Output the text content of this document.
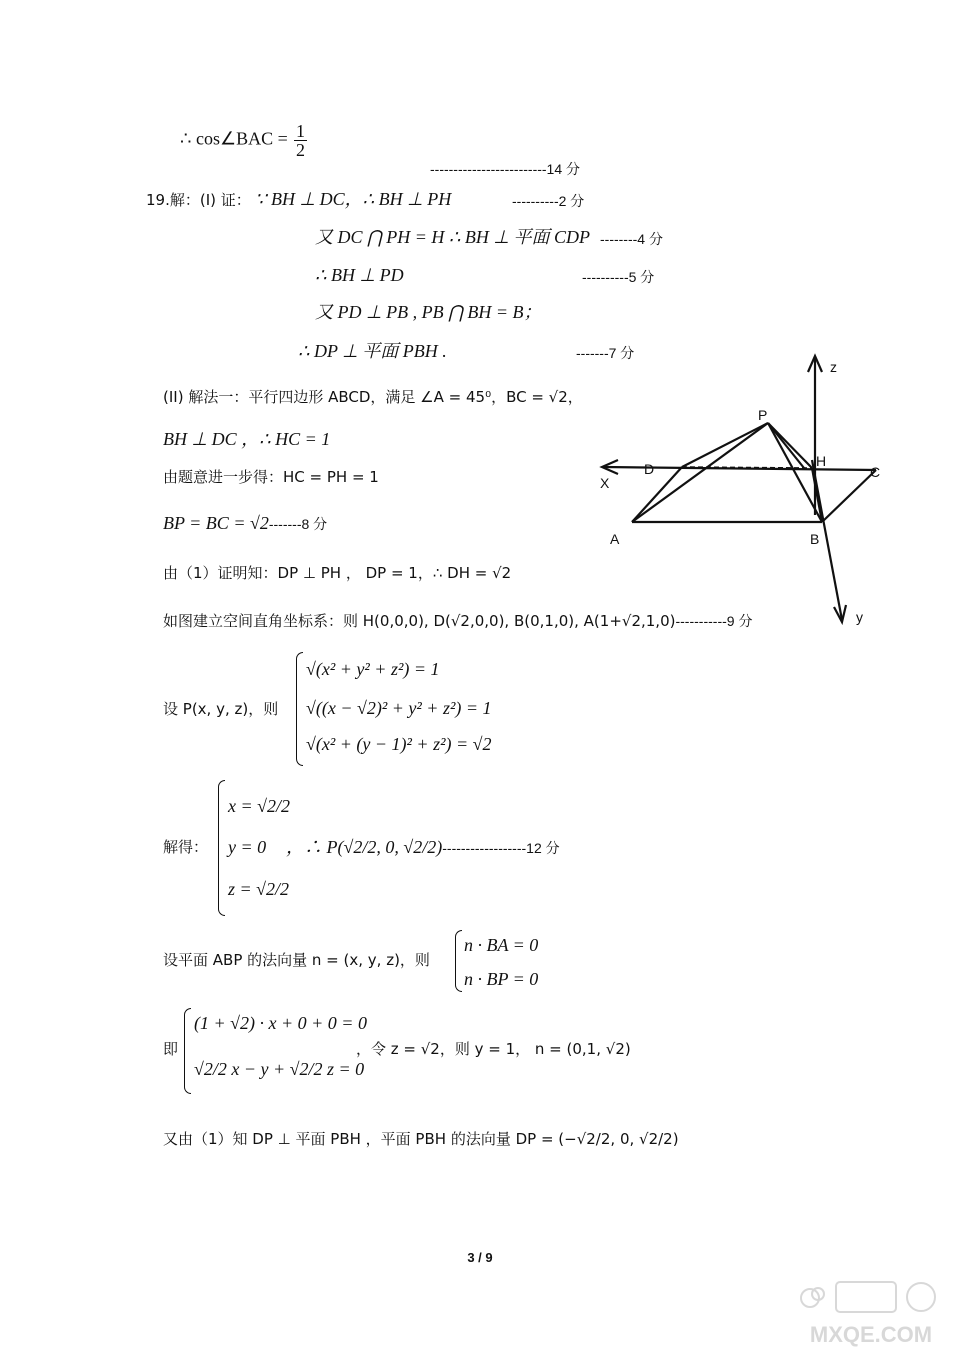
∴ cos∠BAC = $\frac{1}{2}$
-------------------------14 分
19.解：(I) 证： ∵ BH ⊥ DC，∴ BH ⊥ PH	----------2 分
又 DC ⋂ PH = H ∴ BH ⊥ 平面 CDP --------4 分
∴ BH ⊥ PD	----------5 分
又 PD ⊥ PB , PB ⋂ BH = B；
∴ DP ⊥ 平面 PBH .	-------7 分
(II) 解法一：平行四边形 ABCD，满足 ∠A = 45⁰，BC = √2，
BH ⊥ DC ，∴ HC = 1
由题意进一步得：HC = PH = 1
BP = BC = √2-------8 分
由（1）证明知：DP ⊥ PH ， DP = 1，∴ DH = √2
如图建立空间直角坐标系：则 H(0,0,0), D(√2,0,0), B(0,1,0), A(1+√2,1,0)-----------9 分
设 P(x, y, z)，则
√(x² + y² + z²) = 1
√((x − √2)² + y² + z²) = 1
√(x² + (y − 1)² + z²) = √2
解得：
x = √2/2
y = 0
z = √2/2
，∴ P(√2/2, 0, √2/2)------------------12 分
设平面 ABP 的法向量 n = (x, y, z)，则
n · BA = 0
n · BP = 0
即
(1 + √2) · x + 0 + 0 = 0
√2/2 x − y + √2/2 z = 0
，令 z = √2，则 y = 1， n = (0,1, √2)
又由（1）知 DP ⊥ 平面 PBH ，平面 PBH 的法向量 DP = (−√2/2, 0, √2/2)
z
P
D	H
C
X
A	B
y
3 / 9
MXQE.COM
